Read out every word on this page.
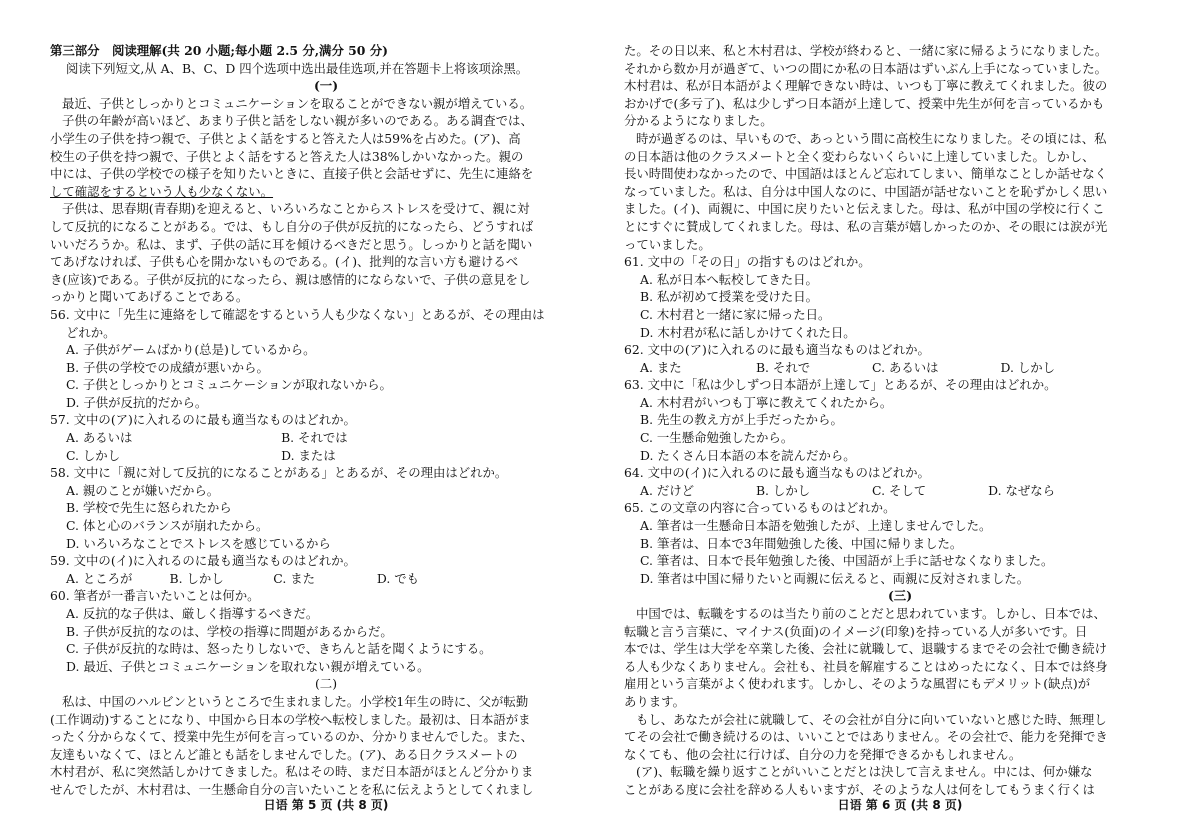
第三部分　阅读理解(共 20 小题;每小题 2.5 分,满分 50 分)
阅读下列短文,从 A、B、C、D 四个选项中选出最佳选项,并在答题卡上将该项涂黑。
(一)
最近、子供としっかりとコミュニケーションを取ることができない親が増えている。
子供の年齢が高いほど、あまり子供と話をしない親が多いのである。ある調査では、
小学生の子供を持つ親で、子供とよく話をすると答えた人は59%を占めた。(ア)、高
校生の子供を持つ親で、子供とよく話をすると答えた人は38%しかいなかった。親の
中には、子供の学校での様子を知りたいときに、直接子供と会話せずに、先生に連絡を
して確認をするという人も少なくない。
子供は、思春期(青春期)を迎えると、いろいろなことからストレスを受けて、親に対
して反抗的になることがある。では、もし自分の子供が反抗的になったら、どうすれば
いいだろうか。私は、まず、子供の話に耳を傾けるべきだと思う。しっかりと話を聞い
てあげなければ、子供も心を開かないものである。(イ)、批判的な言い方も避けるべ
き(应该)である。子供が反抗的になったら、親は感情的にならないで、子供の意見をし
っかりと聞いてあげることである。
56. 文中に「先生に連絡をして確認をするという人も少なくない」とあるが、その理由は
どれか。
A. 子供がゲームばかり(总是)しているから。
B. 子供の学校での成績が悪いから。
C. 子供としっかりとコミュニケーションが取れないから。
D. 子供が反抗的だから。
57. 文中の(ア)に入れるのに最も適当なものはどれか。
A. あるいは　　　　　　　　　　　　B. それでは
C. しかし　　　　　　　　　　　　　D. または
58. 文中に「親に対して反抗的になることがある」とあるが、その理由はどれか。
A. 親のことが嫌いだから。
B. 学校で先生に怒られたから
C. 体と心のバランスが崩れたから。
D. いろいろなことでストレスを感じているから
59. 文中の(イ)に入れるのに最も適当なものはどれか。
A. ところが　　　B. しかし　　　　C. また　　　　　D. でも
60. 筆者が一番言いたいことは何か。
A. 反抗的な子供は、厳しく指導するべきだ。
B. 子供が反抗的なのは、学校の指導に問題があるからだ。
C. 子供が反抗的な時は、怒ったりしないで、きちんと話を聞くようにする。
D. 最近、子供とコミュニケーションを取れない親が増えている。
(二)
私は、中国のハルビンというところで生まれました。小学校1年生の時に、父が転勤
(工作调动)することになり、中国から日本の学校へ転校しました。最初は、日本語がま
ったく分からなくて、授業中先生が何を言っているのか、分かりませんでした。また、
友達もいなくて、ほとんど誰とも話をしませんでした。(ア)、ある日クラスメートの
木村君が、私に突然話しかけてきました。私はその時、まだ日本語がほとんど分かりま
せんでしたが、木村君は、一生懸命自分の言いたいことを私に伝えようとしてくれまし
た。その日以来、私と木村君は、学校が終わると、一緒に家に帰るようになりました。
それから数か月が過ぎて、いつの間にか私の日本語はずいぶん上手になっていました。
木村君は、私が日本語がよく理解できない時は、いつも丁寧に教えてくれました。彼の
おかげで(多亏了)、私は少しずつ日本語が上達して、授業中先生が何を言っているかも
分かるようになりました。
時が過ぎるのは、早いもので、あっという間に高校生になりました。その頃には、私
の日本語は他のクラスメートと全く変わらないくらいに上達していました。しかし、
長い時間使わなかったので、中国語はほとんど忘れてしまい、簡単なことしか話せなく
なっていました。私は、自分は中国人なのに、中国語が話せないことを恥ずかしく思い
ました。(イ)、両親に、中国に戻りたいと伝えました。母は、私が中国の学校に行くこ
とにすぐに賛成してくれました。母は、私の言葉が嬉しかったのか、その眼には涙が光
っていました。
61. 文中の「その日」の指すものはどれか。
A. 私が日本へ転校してきた日。
B. 私が初めて授業を受けた日。
C. 木村君と一緒に家に帰った日。
D. 木村君が私に話しかけてくれた日。
62. 文中の(ア)に入れるのに最も適当なものはどれか。
A. また　　　　　　B. それで　　　　　C. あるいは　　　　　D. しかし
63. 文中に「私は少しずつ日本語が上達して」とあるが、その理由はどれか。
A. 木村君がいつも丁寧に教えてくれたから。
B. 先生の教え方が上手だったから。
C. 一生懸命勉強したから。
D. たくさん日本語の本を読んだから。
64. 文中の(イ)に入れるのに最も適当なものはどれか。
A. だけど　　　　　B. しかし　　　　　C. そして　　　　　D. なぜなら
65. この文章の内容に合っているものはどれか。
A. 筆者は一生懸命日本語を勉強したが、上達しませんでした。
B. 筆者は、日本で3年間勉強した後、中国に帰りました。
C. 筆者は、日本で長年勉強した後、中国語が上手に話せなくなりました。
D. 筆者は中国に帰りたいと両親に伝えると、両親に反対されました。
(三)
中国では、転職をするのは当たり前のことだと思われています。しかし、日本では、
転職と言う言葉に、マイナス(负面)のイメージ(印象)を持っている人が多いです。日
本では、学生は大学を卒業した後、会社に就職して、退職するまでその会社で働き続け
る人も少なくありません。会社も、社員を解雇することはめったになく、日本では終身
雇用という言葉がよく使われます。しかし、そのような風習にもデメリット(缺点)が
あります。
もし、あなたが会社に就職して、その会社が自分に向いていないと感じた時、無理し
てその会社で働き続けるのは、いいことではありません。その会社で、能力を発揮でき
なくても、他の会社に行けば、自分の力を発揮できるかもしれません。
(ア)、転職を繰り返すことがいいことだとは決して言えません。中には、何か嫌な
ことがある度に会社を辞める人もいますが、そのような人は何をしてもうまく行くは
日语 第 5 页 (共 8 页)	日语 第 6 页 (共 8 页)
